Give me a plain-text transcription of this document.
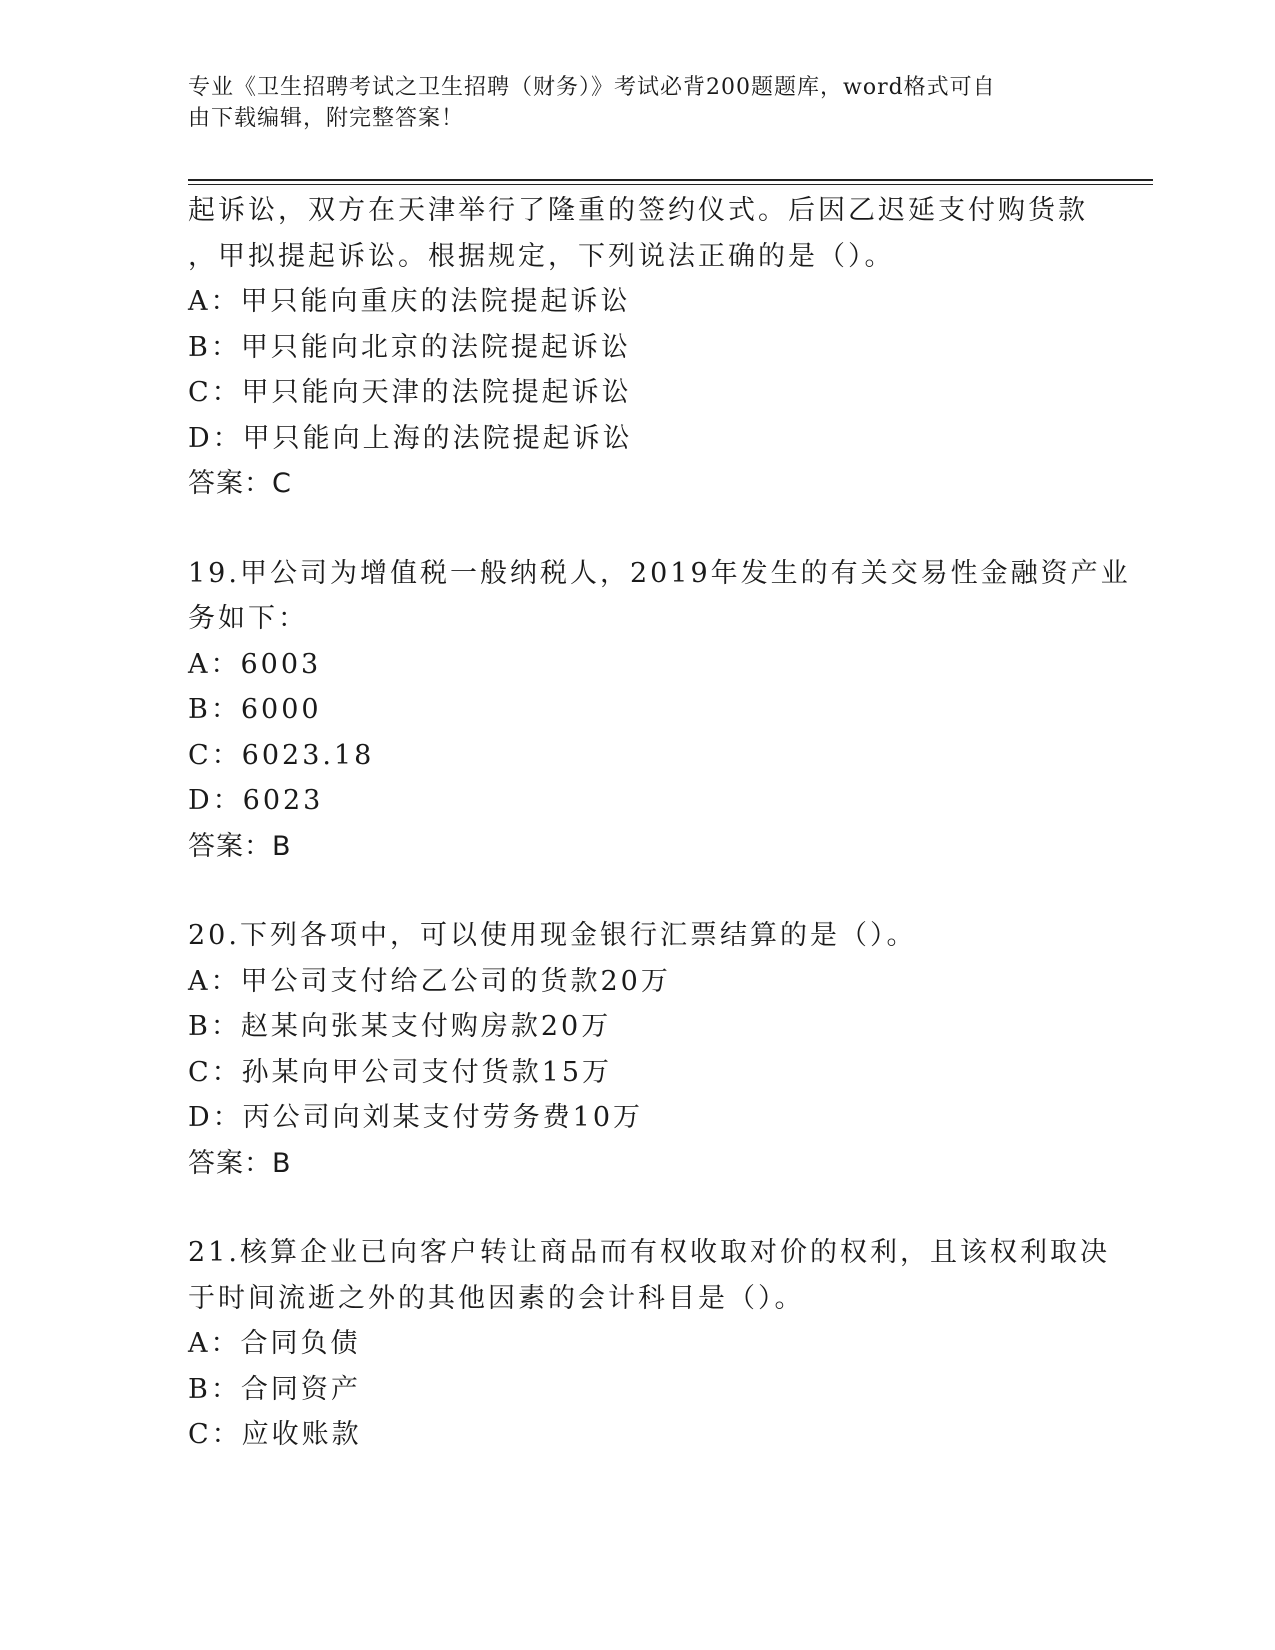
专业《卫生招聘考试之卫生招聘（财务）》考试必背200题题库，word格式可自
由下载编辑，附完整答案！
起诉讼，双方在天津举行了隆重的签约仪式。后因乙迟延支付购货款
，甲拟提起诉讼。根据规定，下列说法正确的是（）。
A：甲只能向重庆的法院提起诉讼
B：甲只能向北京的法院提起诉讼
C：甲只能向天津的法院提起诉讼
D：甲只能向上海的法院提起诉讼
答案：C
19.甲公司为增值税一般纳税人，2019年发生的有关交易性金融资产业
务如下：
A：6003
B：6000
C：6023.18
D：6023
答案：B
20.下列各项中，可以使用现金银行汇票结算的是（）。
A：甲公司支付给乙公司的货款20万
B：赵某向张某支付购房款20万
C：孙某向甲公司支付货款15万
D：丙公司向刘某支付劳务费10万
答案：B
21.核算企业已向客户转让商品而有权收取对价的权利，且该权利取决
于时间流逝之外的其他因素的会计科目是（）。
A：合同负债
B：合同资产
C：应收账款
